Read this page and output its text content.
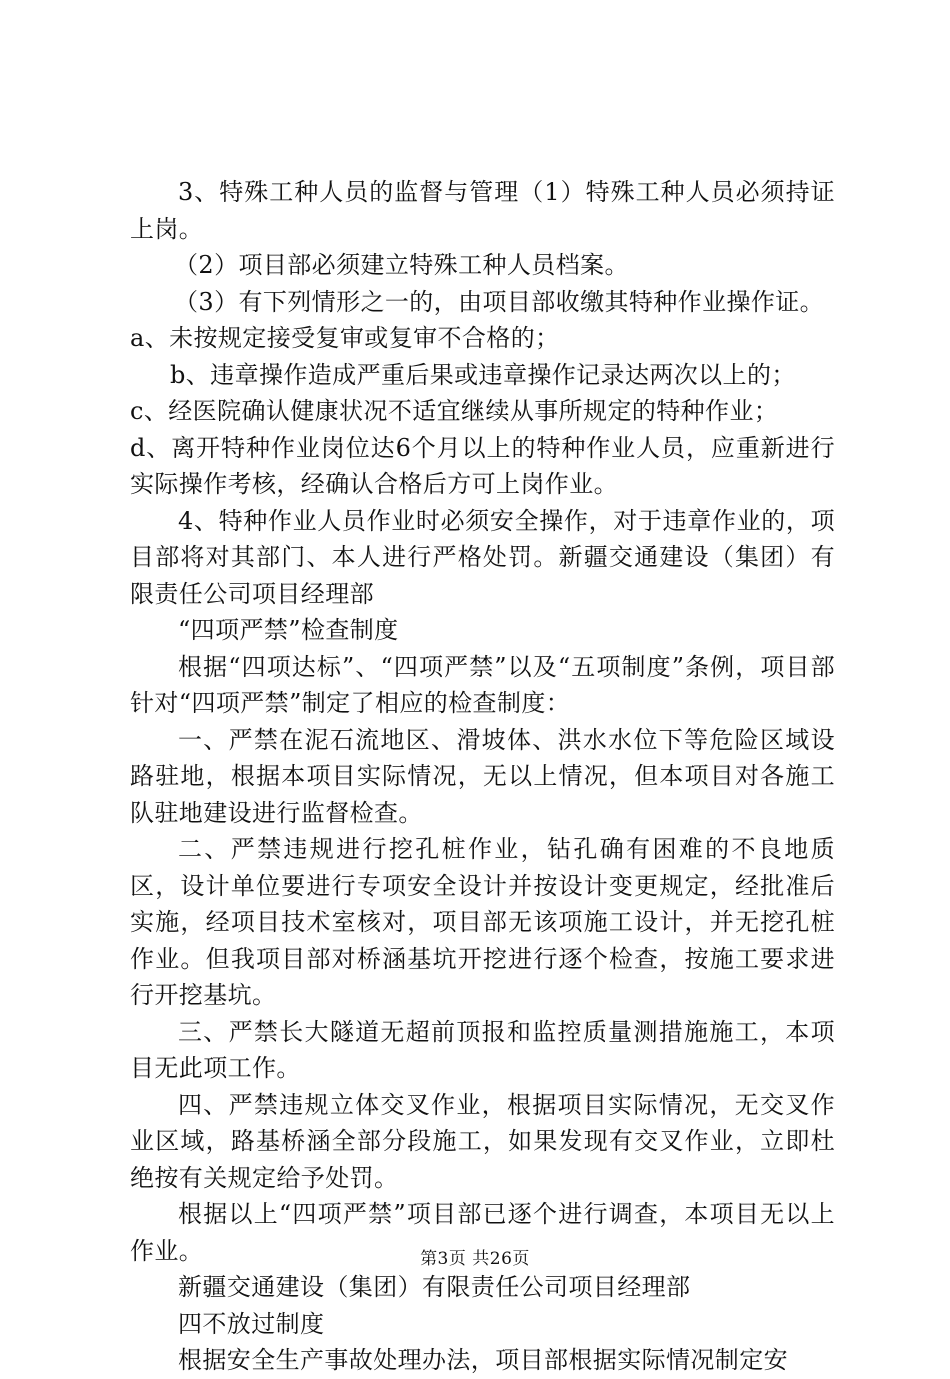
3、特殊工种人员的监督与管理（1）特殊工种人员必须持证上岗。

（2）项目部必须建立特殊工种人员档案。

（3）有下列情形之一的，由项目部收缴其特种作业操作证。

a、未按规定接受复审或复审不合格的；

b、违章操作造成严重后果或违章操作记录达两次以上的；

c、经医院确认健康状况不适宜继续从事所规定的特种作业；

d、离开特种作业岗位达6个月以上的特种作业人员，应重新进行实际操作考核，经确认合格后方可上岗作业。

4、特种作业人员作业时必须安全操作，对于违章作业的，项目部将对其部门、本人进行严格处罚。新疆交通建设（集团）有限责任公司项目经理部

“四项严禁”检查制度

根据“四项达标”、“四项严禁”以及“五项制度”条例，项目部针对“四项严禁”制定了相应的检查制度：

一、严禁在泥石流地区、滑坡体、洪水水位下等危险区域设路驻地，根据本项目实际情况，无以上情况，但本项目对各施工队驻地建设进行监督检查。

二、严禁违规进行挖孔桩作业，钻孔确有困难的不良地质区，设计单位要进行专项安全设计并按设计变更规定，经批准后实施，经项目技术室核对，项目部无该项施工设计，并无挖孔桩作业。但我项目部对桥涵基坑开挖进行逐个检查，按施工要求进行开挖基坑。

三、严禁长大隧道无超前顶报和监控质量测措施施工，本项目无此项工作。

四、严禁违规立体交叉作业，根据项目实际情况，无交叉作业区域，路基桥涵全部分段施工，如果发现有交叉作业，立即杜绝按有关规定给予处罚。

根据以上“四项严禁”项目部已逐个进行调查，本项目无以上作业。

新疆交通建设（集团）有限责任公司项目经理部

四不放过制度

根据安全生产事故处理办法，项目部根据实际情况制定安

第3页 共26页
